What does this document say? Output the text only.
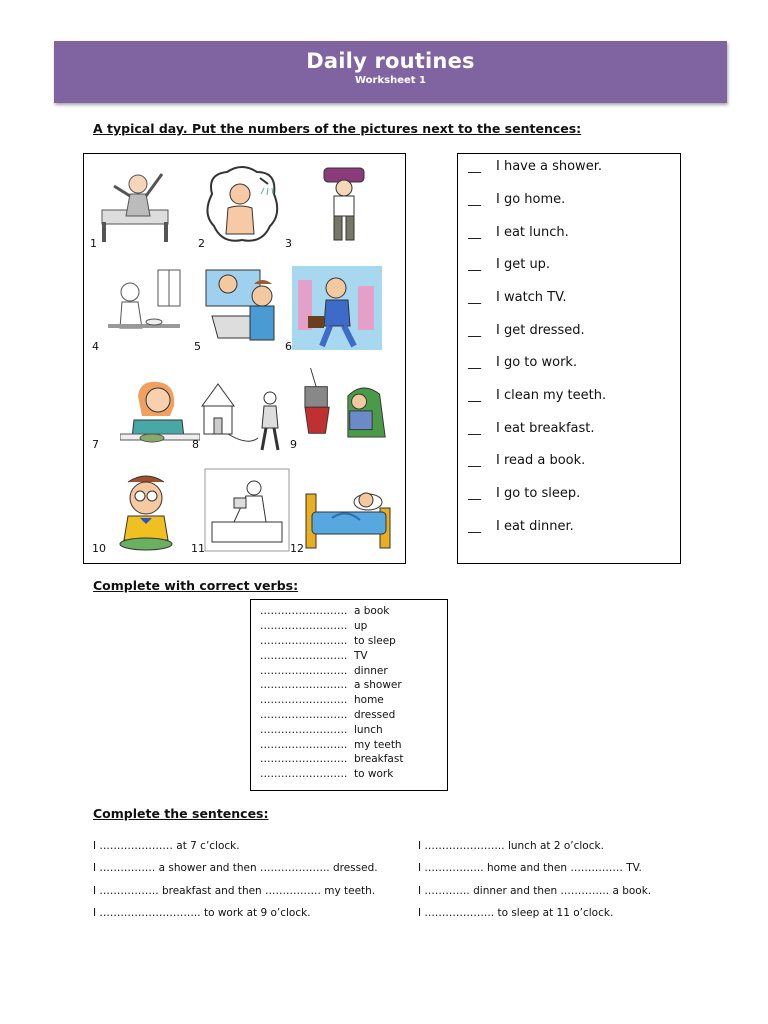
Daily routines
Worksheet 1
A typical day. Put the numbers of the pictures next to the sentences:
1	2	3
4	5	6
7	8	9
10	11	12
__ I have a shower.
__ I go home.
__ I eat lunch.
__ I get up.
__ I watch TV.
__ I get dressed.
__ I go to work.
__ I clean my teeth.
__ I eat breakfast.
__ I read a book.
__ I go to sleep.
__ I eat dinner.
Complete with correct verbs:
……………………. a book
……………………. up
……………………. to sleep
……………………. TV
……………………. dinner
……………………. a shower
……………………. home
……………………. dressed
……………………. lunch
……………………. my teeth
……………………. breakfast
……………………. to work
Complete the sentences:
I ………………… at 7 c’clock.
I ……………. a shower and then ……………….. dressed.
I …………….. breakfast and then ……………. my teeth.
I ……………………….. to work at 9 o’clock.
I ………………….. lunch at 2 o’clock.
I …………….. home and then …………… TV.
I …………. dinner and then ………….. a book.
I ……………….. to sleep at 11 o’clock.
